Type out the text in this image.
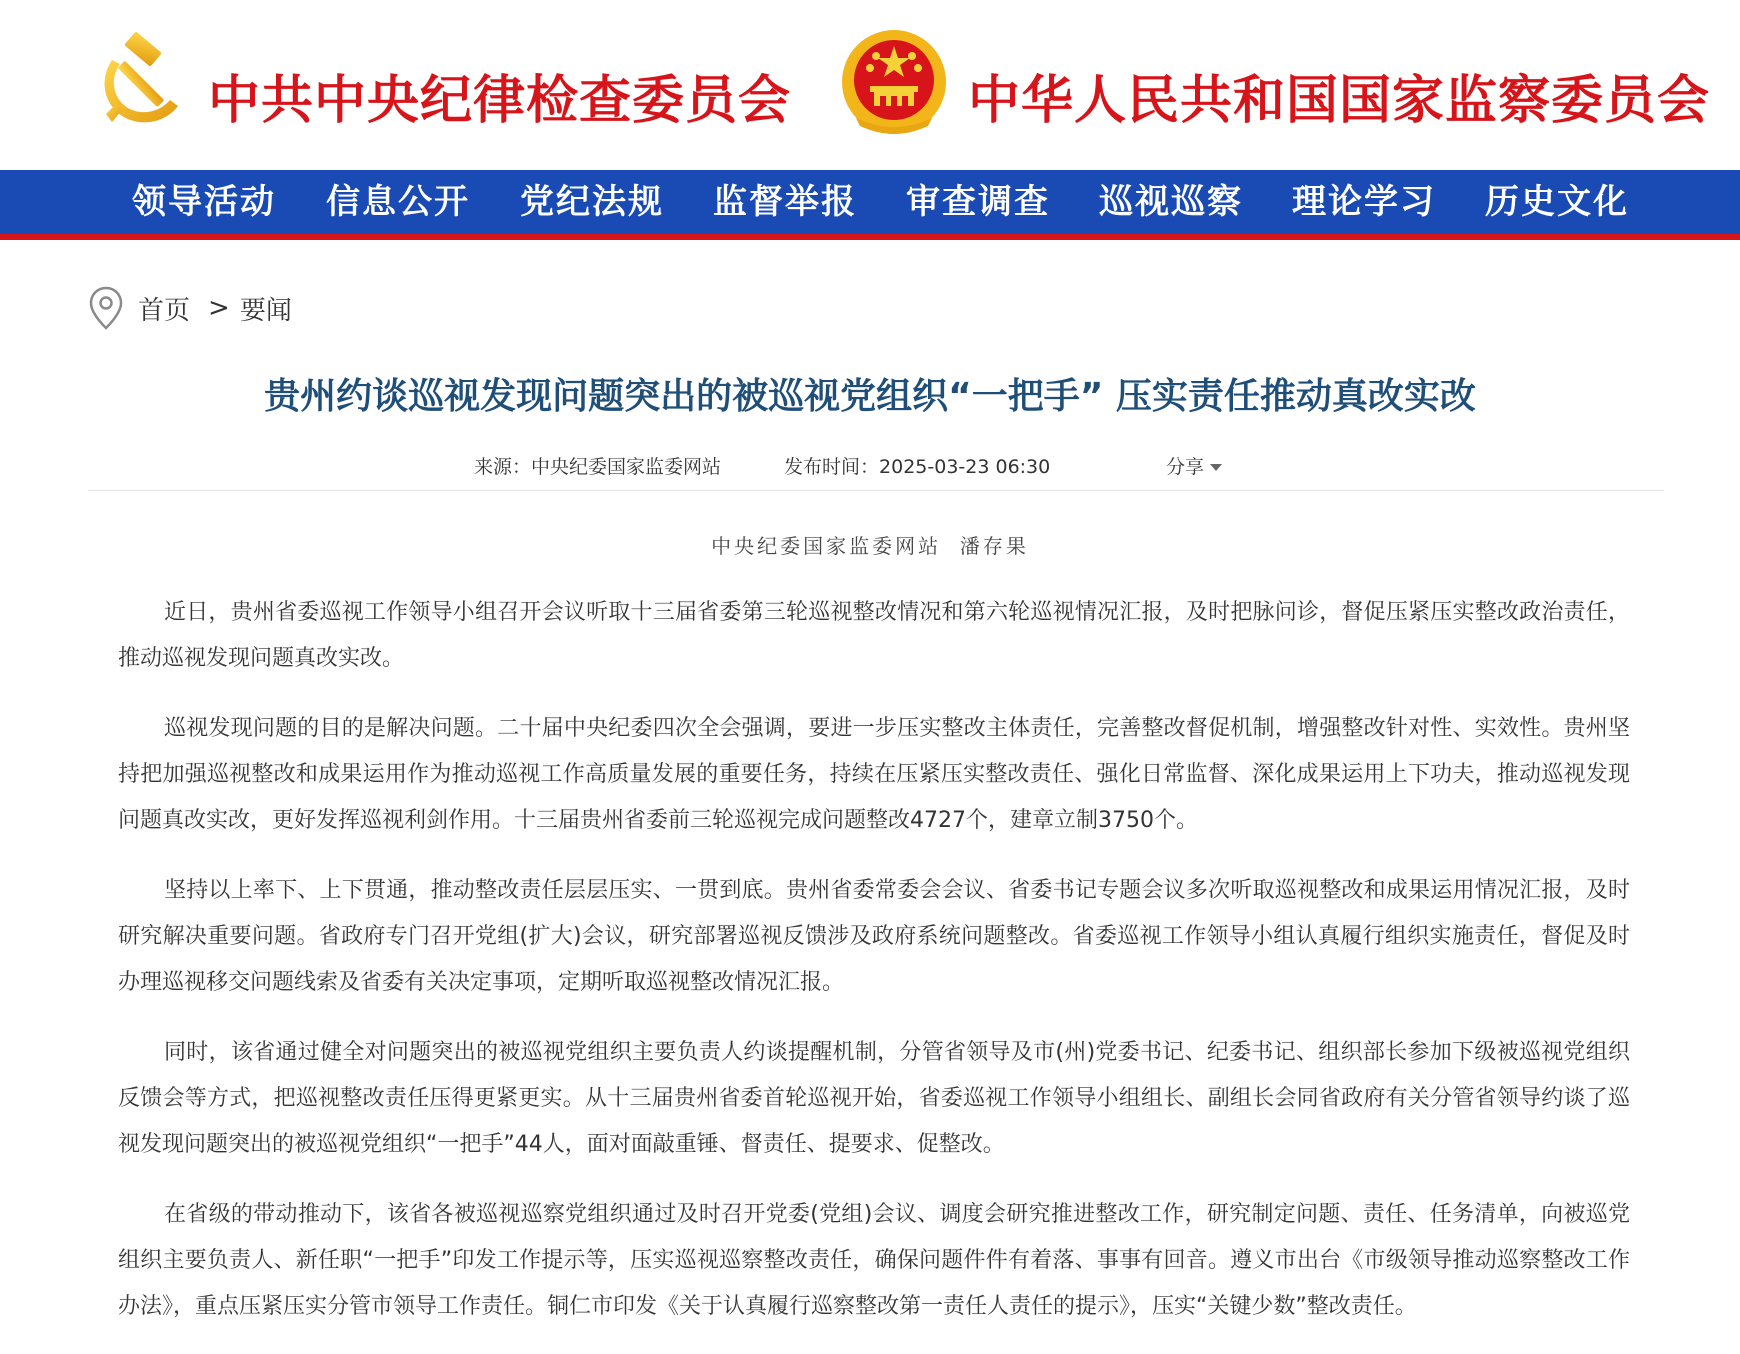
中共中央纪律检查委员会	中华人民共和国国家监察委员会
领导活动 信息公开 党纪法规 监督举报 审查调查 巡视巡察 理论学习 历史文化
首页 > 要闻
贵州约谈巡视发现问题突出的被巡视党组织“一把手” 压实责任推动真改实改
来源：中央纪委国家监委网站	发布时间：2025-03-23 06:30	分享
中央纪委国家监委网站  潘存果

近日，贵州省委巡视工作领导小组召开会议听取十三届省委第三轮巡视整改情况和第六轮巡视情况汇报，及时把脉问诊，督促压紧压实整改政治责任，推动巡视发现问题真改实改。

巡视发现问题的目的是解决问题。二十届中央纪委四次全会强调，要进一步压实整改主体责任，完善整改督促机制，增强整改针对性、实效性。贵州坚持把加强巡视整改和成果运用作为推动巡视工作高质量发展的重要任务，持续在压紧压实整改责任、强化日常监督、深化成果运用上下功夫，推动巡视发现问题真改实改，更好发挥巡视利剑作用。十三届贵州省委前三轮巡视完成问题整改4727个，建章立制3750个。

坚持以上率下、上下贯通，推动整改责任层层压实、一贯到底。贵州省委常委会会议、省委书记专题会议多次听取巡视整改和成果运用情况汇报，及时研究解决重要问题。省政府专门召开党组(扩大)会议，研究部署巡视反馈涉及政府系统问题整改。省委巡视工作领导小组认真履行组织实施责任，督促及时办理巡视移交问题线索及省委有关决定事项，定期听取巡视整改情况汇报。

同时，该省通过健全对问题突出的被巡视党组织主要负责人约谈提醒机制，分管省领导及市(州)党委书记、纪委书记、组织部长参加下级被巡视党组织反馈会等方式，把巡视整改责任压得更紧更实。从十三届贵州省委首轮巡视开始，省委巡视工作领导小组组长、副组长会同省政府有关分管省领导约谈了巡视发现问题突出的被巡视党组织“一把手”44人，面对面敲重锤、督责任、提要求、促整改。

在省级的带动推动下，该省各被巡视巡察党组织通过及时召开党委(党组)会议、调度会研究推进整改工作，研究制定问题、责任、任务清单，向被巡党组织主要负责人、新任职“一把手”印发工作提示等，压实巡视巡察整改责任，确保问题件件有着落、事事有回音。遵义市出台《市级领导推动巡察整改工作办法》，重点压紧压实分管市领导工作责任。铜仁市印发《关于认真履行巡察整改第一责任人责任的提示》，压实“关键少数”整改责任。
